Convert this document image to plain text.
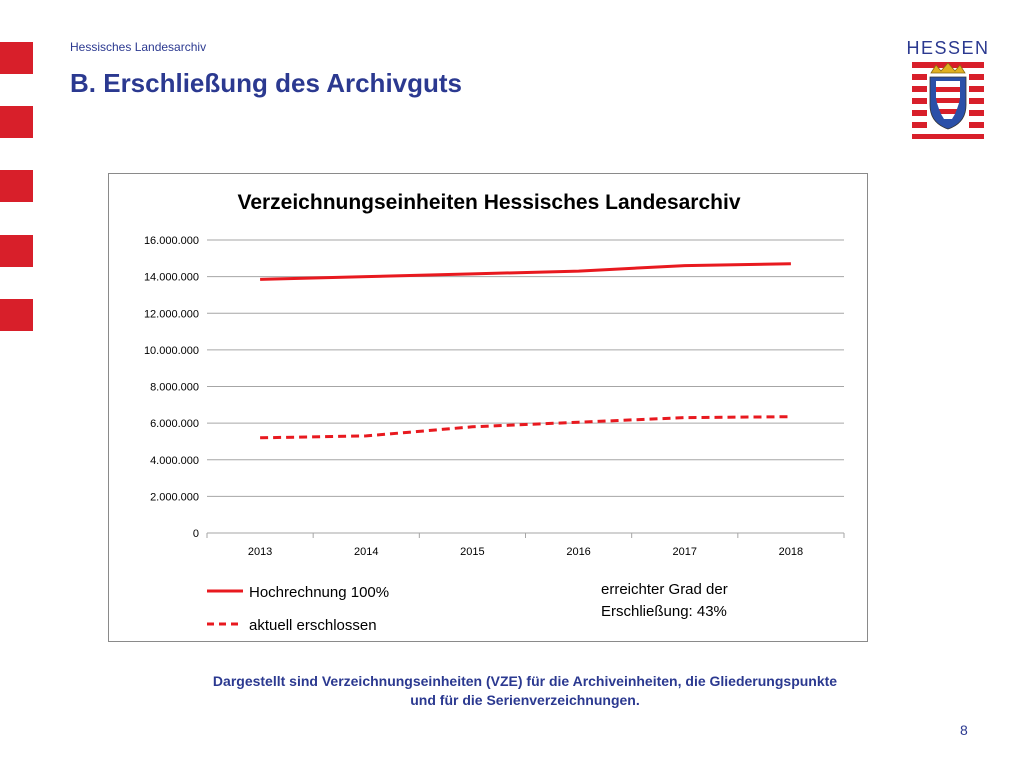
Hessisches Landesarchiv
B. Erschließung des Archivguts
HESSEN
Verzeichnungseinheiten Hessisches Landesarchiv
0
2.000.000
4.000.000
6.000.000
8.000.000
10.000.000
12.000.000
14.000.000
16.000.000
2013	2014	2015	2016	2017	2018
Hochrechnung 100%
aktuell erschlossen
erreichter Grad der
Erschließung: 43%
Dargestellt sind Verzeichnungseinheiten (VZE) für die Archiveinheiten, die Gliederungspunkte
und für die Serienverzeichnungen.
8
